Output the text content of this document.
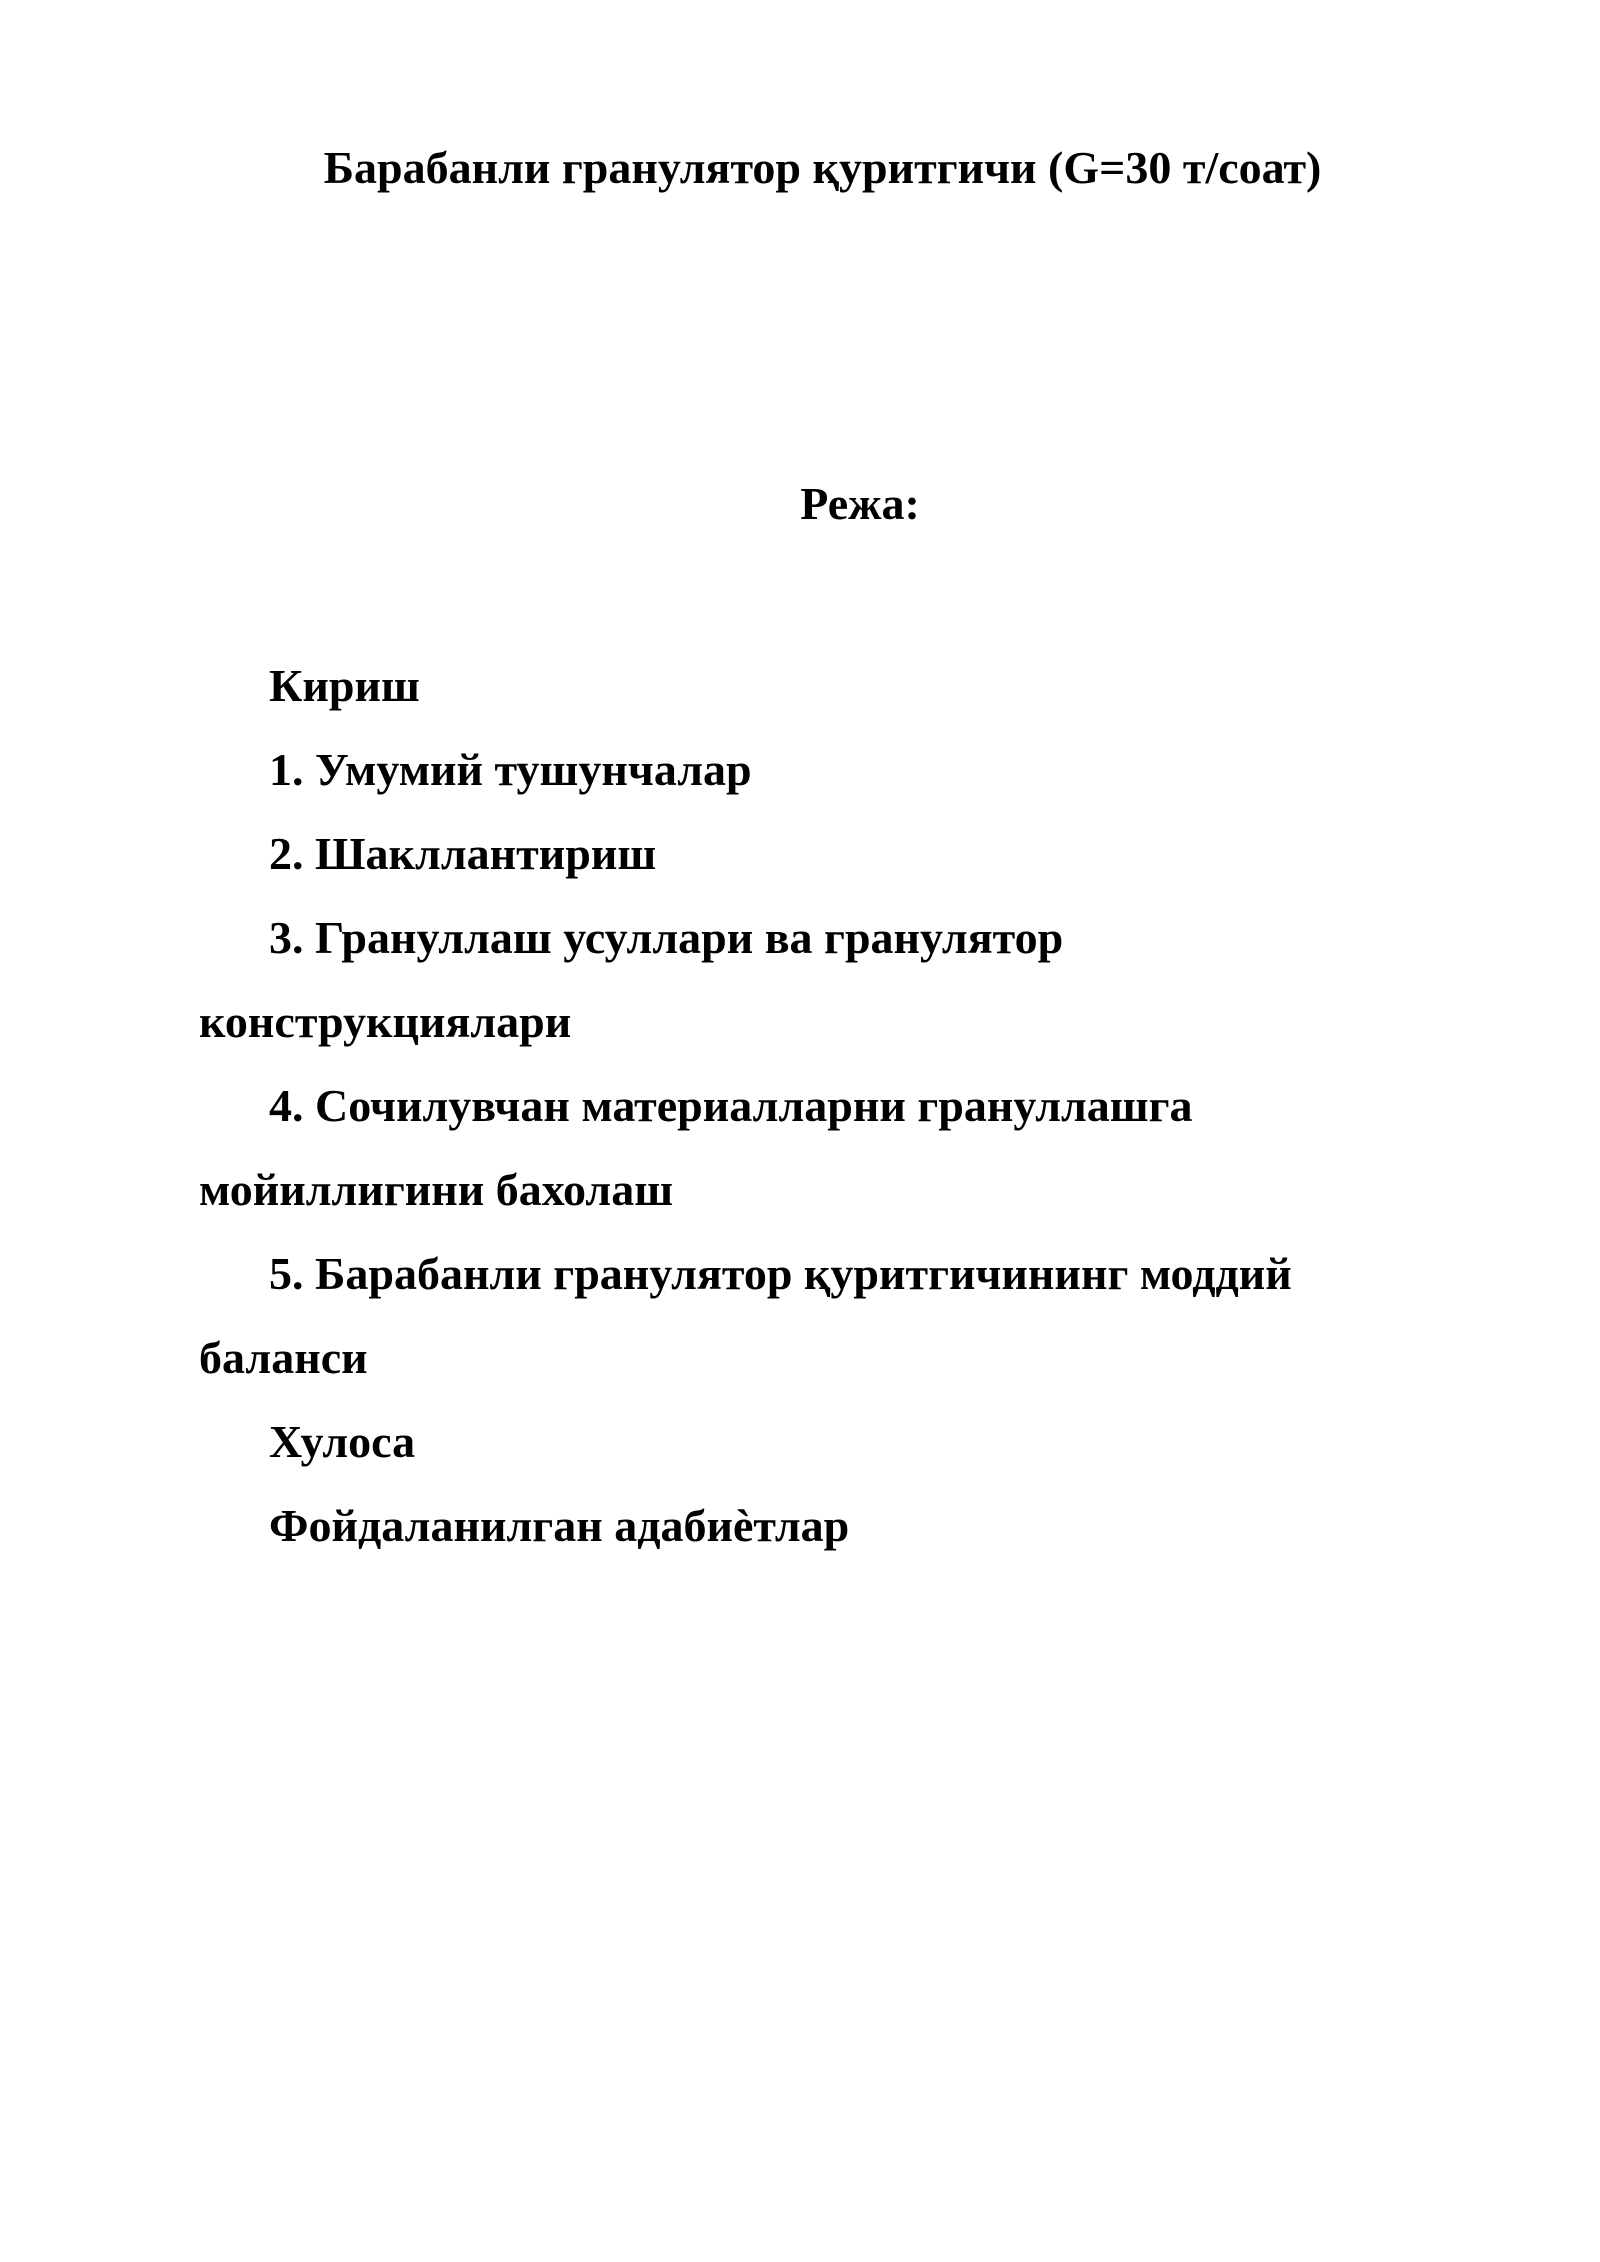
Барабанли гранулятор қуритгичи (G=30 т/соат)
Режа:
Кириш
1. Умумий тушунчалар
2. Шакллантириш
3. Грануллаш усуллари ва гранулятор конструкциялари
4. Сочилувчан материалларни грануллашга мойиллигини бахолаш
5. Барабанли гранулятор қуритгичининг моддий баланси
Хулоса
Фойдаланилган адабиѐтлар
